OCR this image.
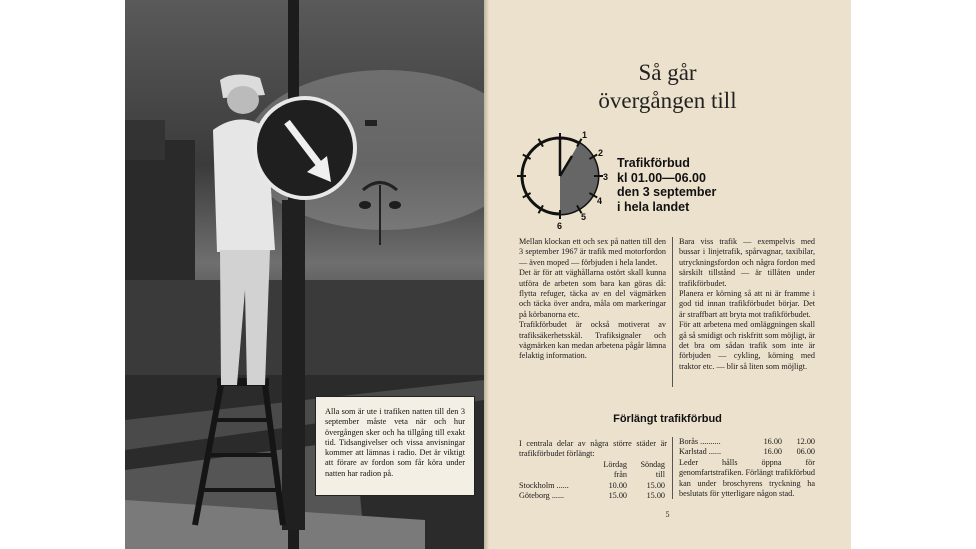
Alla som är ute i trafiken natten till den 3 september måste veta när och hur övergången sker och ha tillgång till exakt tid. Tidsangivelser och vissa anvisningar kommer att lämnas i radio. Det är viktigt att förare av fordon som får köra under natten har radion på.
Så går
övergången till
1
2
3
4
5
6
Trafikförbud
kl 01.00—06.00
den 3 september
i hela landet

Mellan klockan ett och sex på natten till den 3 september 1967 är trafik med motorfordon — även moped — förbjuden i hela landet.

Det är för att väghållarna ostört skall kunna utföra de arbeten som bara kan göras då: flytta refuger, täcka av en del vägmärken och täcka över andra, måla om markeringar på körbanorna etc.

Trafikförbudet är också motiverat av trafiksäkerhetsskäl. Trafiksignaler och vägmärken kan medan arbetena pågår lämna felaktig information.

Bara viss trafik — exempelvis med bussar i linjetrafik, spårvagnar, taxibilar, utryckningsfordon och några fordon med särskilt tillstånd — är tillåten under trafikförbudet.

Planera er körning så att ni är framme i god tid innan trafikförbudet börjar. Det är straffbart att bryta mot trafikförbudet.

För att arbetena med omläggningen skall gå så smidigt och riskfritt som möjligt, är det bra om sådan trafik som inte är förbjuden — cykling, körning med traktor etc. — blir så liten som möjligt.

Förlängt trafikförbud

I centrala delar av några större städer är trafikförbudet förlängt:

	Lördag	Söndag
	från	till
Stockholm ......	10.00	15.00
Göteborg ......	15.00	15.00
Borås ..........	16.00	12.00
Karlstad ......	16.00	06.00

Leder hålls öppna för genomfartstrafiken. Förlängt trafikförbud kan under broschyrens tryckning ha beslutats för ytterligare någon stad.

5
